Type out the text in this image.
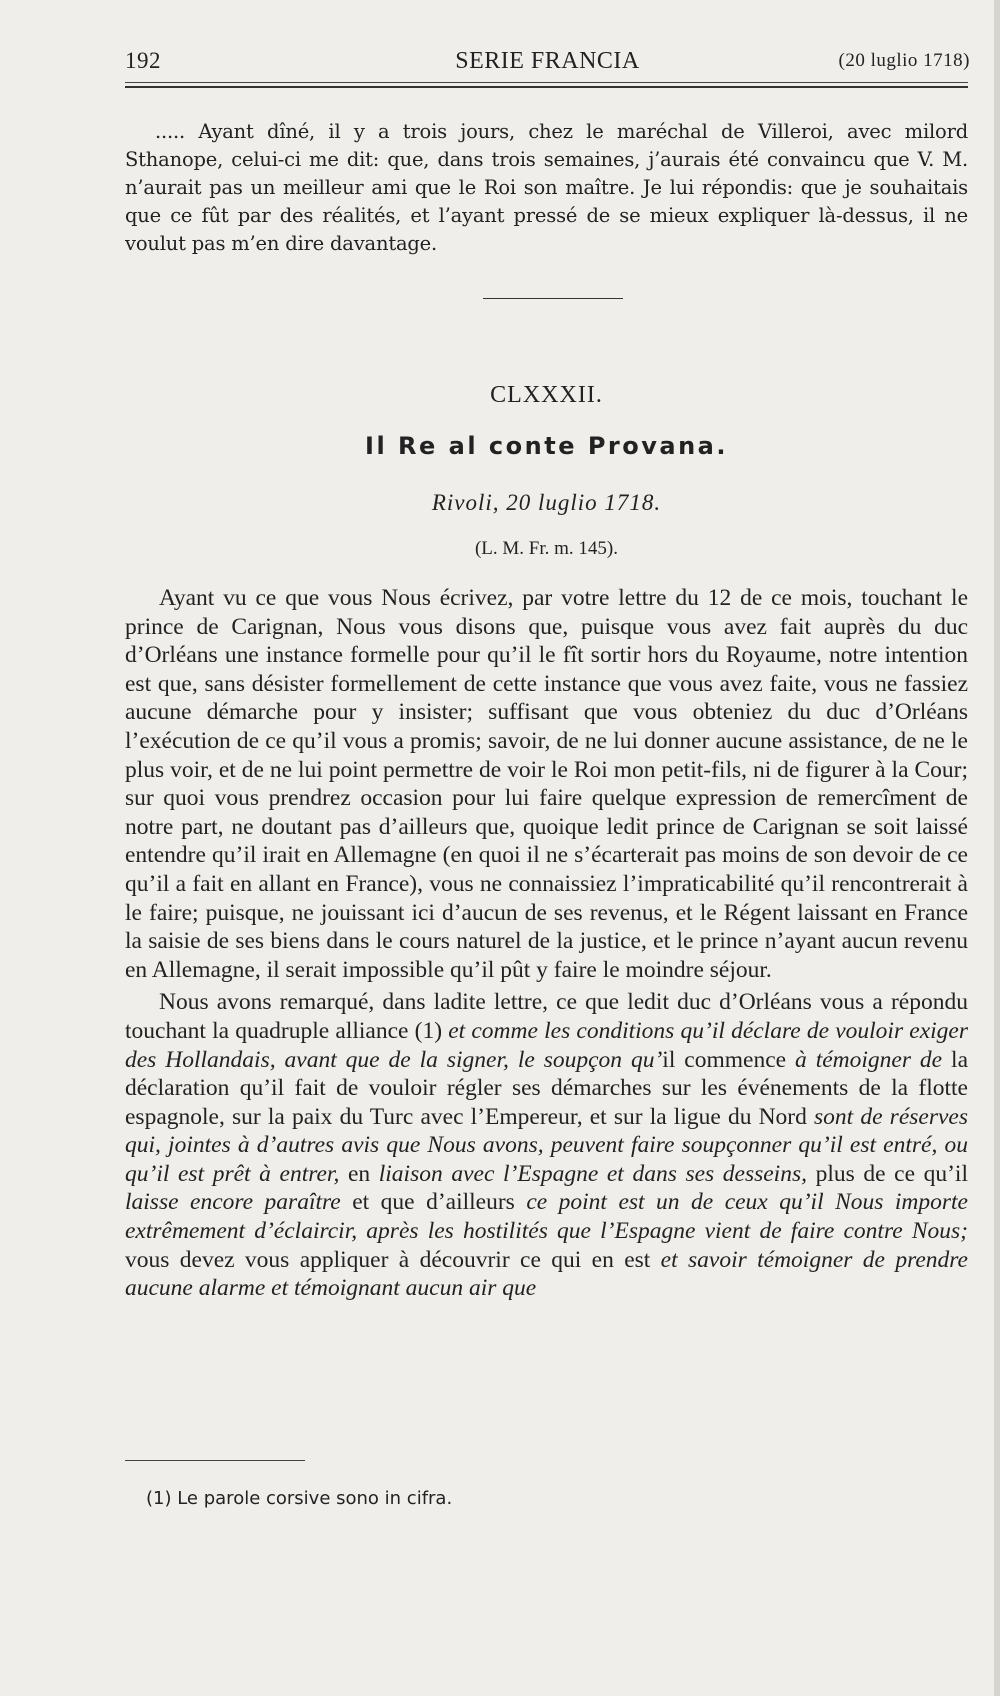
192	SERIE FRANCIA	(20 luglio 1718)

..... Ayant dîné, il y a trois jours, chez le maréchal de Villeroi, avec milord Sthanope, celui-ci me dit: que, dans trois semaines, j’aurais été convaincu que V. M. n’aurait pas un meilleur ami que le Roi son maître. Je lui répondis: que je souhaitais que ce fût par des réalités, et l’ayant pressé de se mieux expliquer là-dessus, il ne voulut pas m’en dire davantage.

CLXXXII.
Il Re al conte Provana.
Rivoli, 20 luglio 1718.
(L. M. Fr. m. 145).

Ayant vu ce que vous Nous écrivez, par votre lettre du 12 de ce mois, touchant le prince de Carignan, Nous vous disons que, puisque vous avez fait auprès du duc d’Orléans une instance formelle pour qu’il le fît sortir hors du Royaume, notre intention est que, sans désister formellement de cette instance que vous avez faite, vous ne fassiez aucune démarche pour y insister; suffisant que vous obteniez du duc d’Orléans l’exécution de ce qu’il vous a promis; savoir, de ne lui donner aucune assistance, de ne le plus voir, et de ne lui point permettre de voir le Roi mon petit-fils, ni de figurer à la Cour; sur quoi vous prendrez occasion pour lui faire quelque expression de remercîment de notre part, ne doutant pas d’ailleurs que, quoique ledit prince de Carignan se soit laissé entendre qu’il irait en Allemagne (en quoi il ne s’écarterait pas moins de son devoir de ce qu’il a fait en allant en France), vous ne connaissiez l’impraticabilité qu’il rencontrerait à le faire; puisque, ne jouissant ici d’aucun de ses revenus, et le Régent laissant en France la saisie de ses biens dans le cours naturel de la justice, et le prince n’ayant aucun revenu en Allemagne, il serait impossible qu’il pût y faire le moindre séjour.

Nous avons remarqué, dans ladite lettre, ce que ledit duc d’Orléans vous a répondu touchant la quadruple alliance (1) et comme les conditions qu’il déclare de vouloir exiger des Hollandais, avant que de la signer, le soupçon qu’il commence à témoigner de la déclaration qu’il fait de vouloir régler ses démarches sur les événements de la flotte espagnole, sur la paix du Turc avec l’Empereur, et sur la ligue du Nord sont de réserves qui, jointes à d’autres avis que Nous avons, peuvent faire soupçonner qu’il est entré, ou qu’il est prêt à entrer, en liaison avec l’Espagne et dans ses desseins, plus de ce qu’il laisse encore paraître et que d’ailleurs ce point est un de ceux qu’il Nous importe extrêmement d’éclaircir, après les hostilités que l’Espagne vient de faire contre Nous; vous devez vous appliquer à découvrir ce qui en est et savoir témoigner de prendre aucune alarme et témoignant aucun air que

(1) Le parole corsive sono in cifra.
